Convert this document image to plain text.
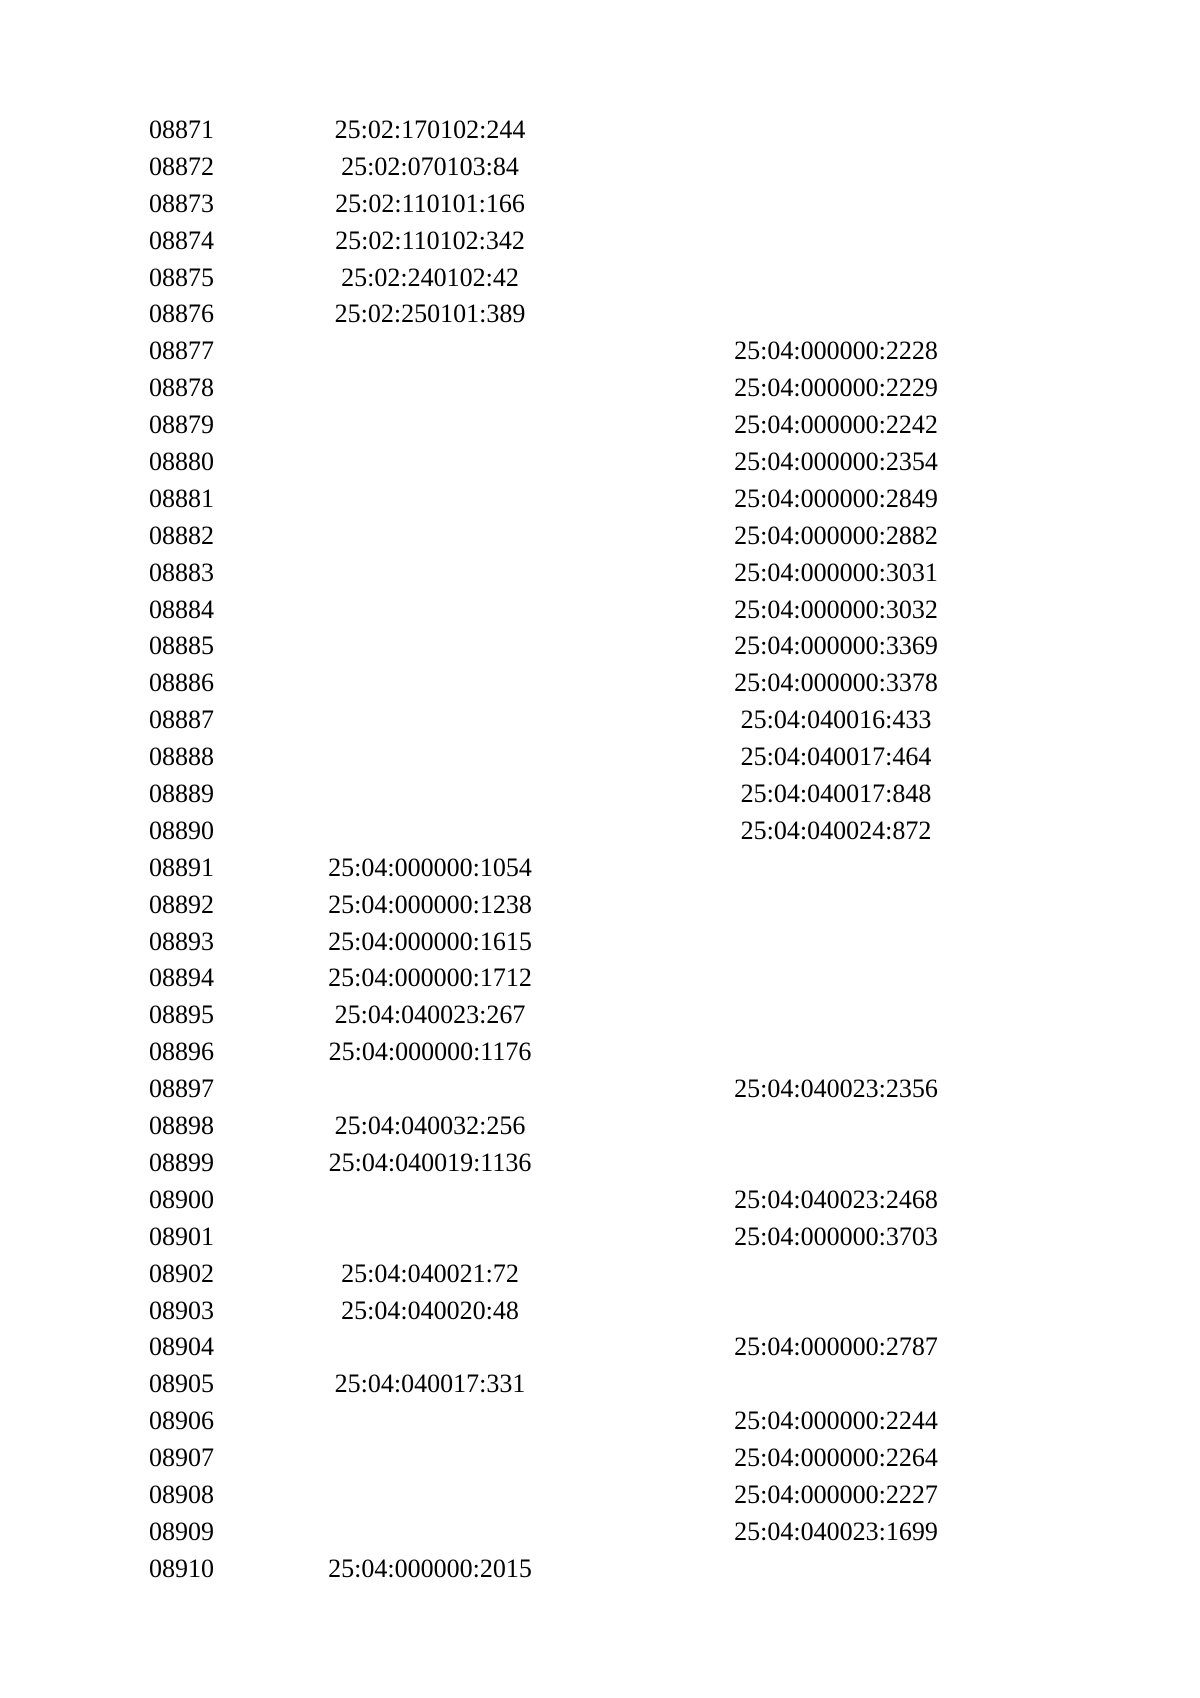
08871	25:02:170102:244
08872	25:02:070103:84
08873	25:02:110101:166
08874	25:02:110102:342
08875	25:02:240102:42
08876	25:02:250101:389
08877	25:04:000000:2228
08878	25:04:000000:2229
08879	25:04:000000:2242
08880	25:04:000000:2354
08881	25:04:000000:2849
08882	25:04:000000:2882
08883	25:04:000000:3031
08884	25:04:000000:3032
08885	25:04:000000:3369
08886	25:04:000000:3378
08887	25:04:040016:433
08888	25:04:040017:464
08889	25:04:040017:848
08890	25:04:040024:872
08891	25:04:000000:1054
08892	25:04:000000:1238
08893	25:04:000000:1615
08894	25:04:000000:1712
08895	25:04:040023:267
08896	25:04:000000:1176
08897	25:04:040023:2356
08898	25:04:040032:256
08899	25:04:040019:1136
08900	25:04:040023:2468
08901	25:04:000000:3703
08902	25:04:040021:72
08903	25:04:040020:48
08904	25:04:000000:2787
08905	25:04:040017:331
08906	25:04:000000:2244
08907	25:04:000000:2264
08908	25:04:000000:2227
08909	25:04:040023:1699
08910	25:04:000000:2015
